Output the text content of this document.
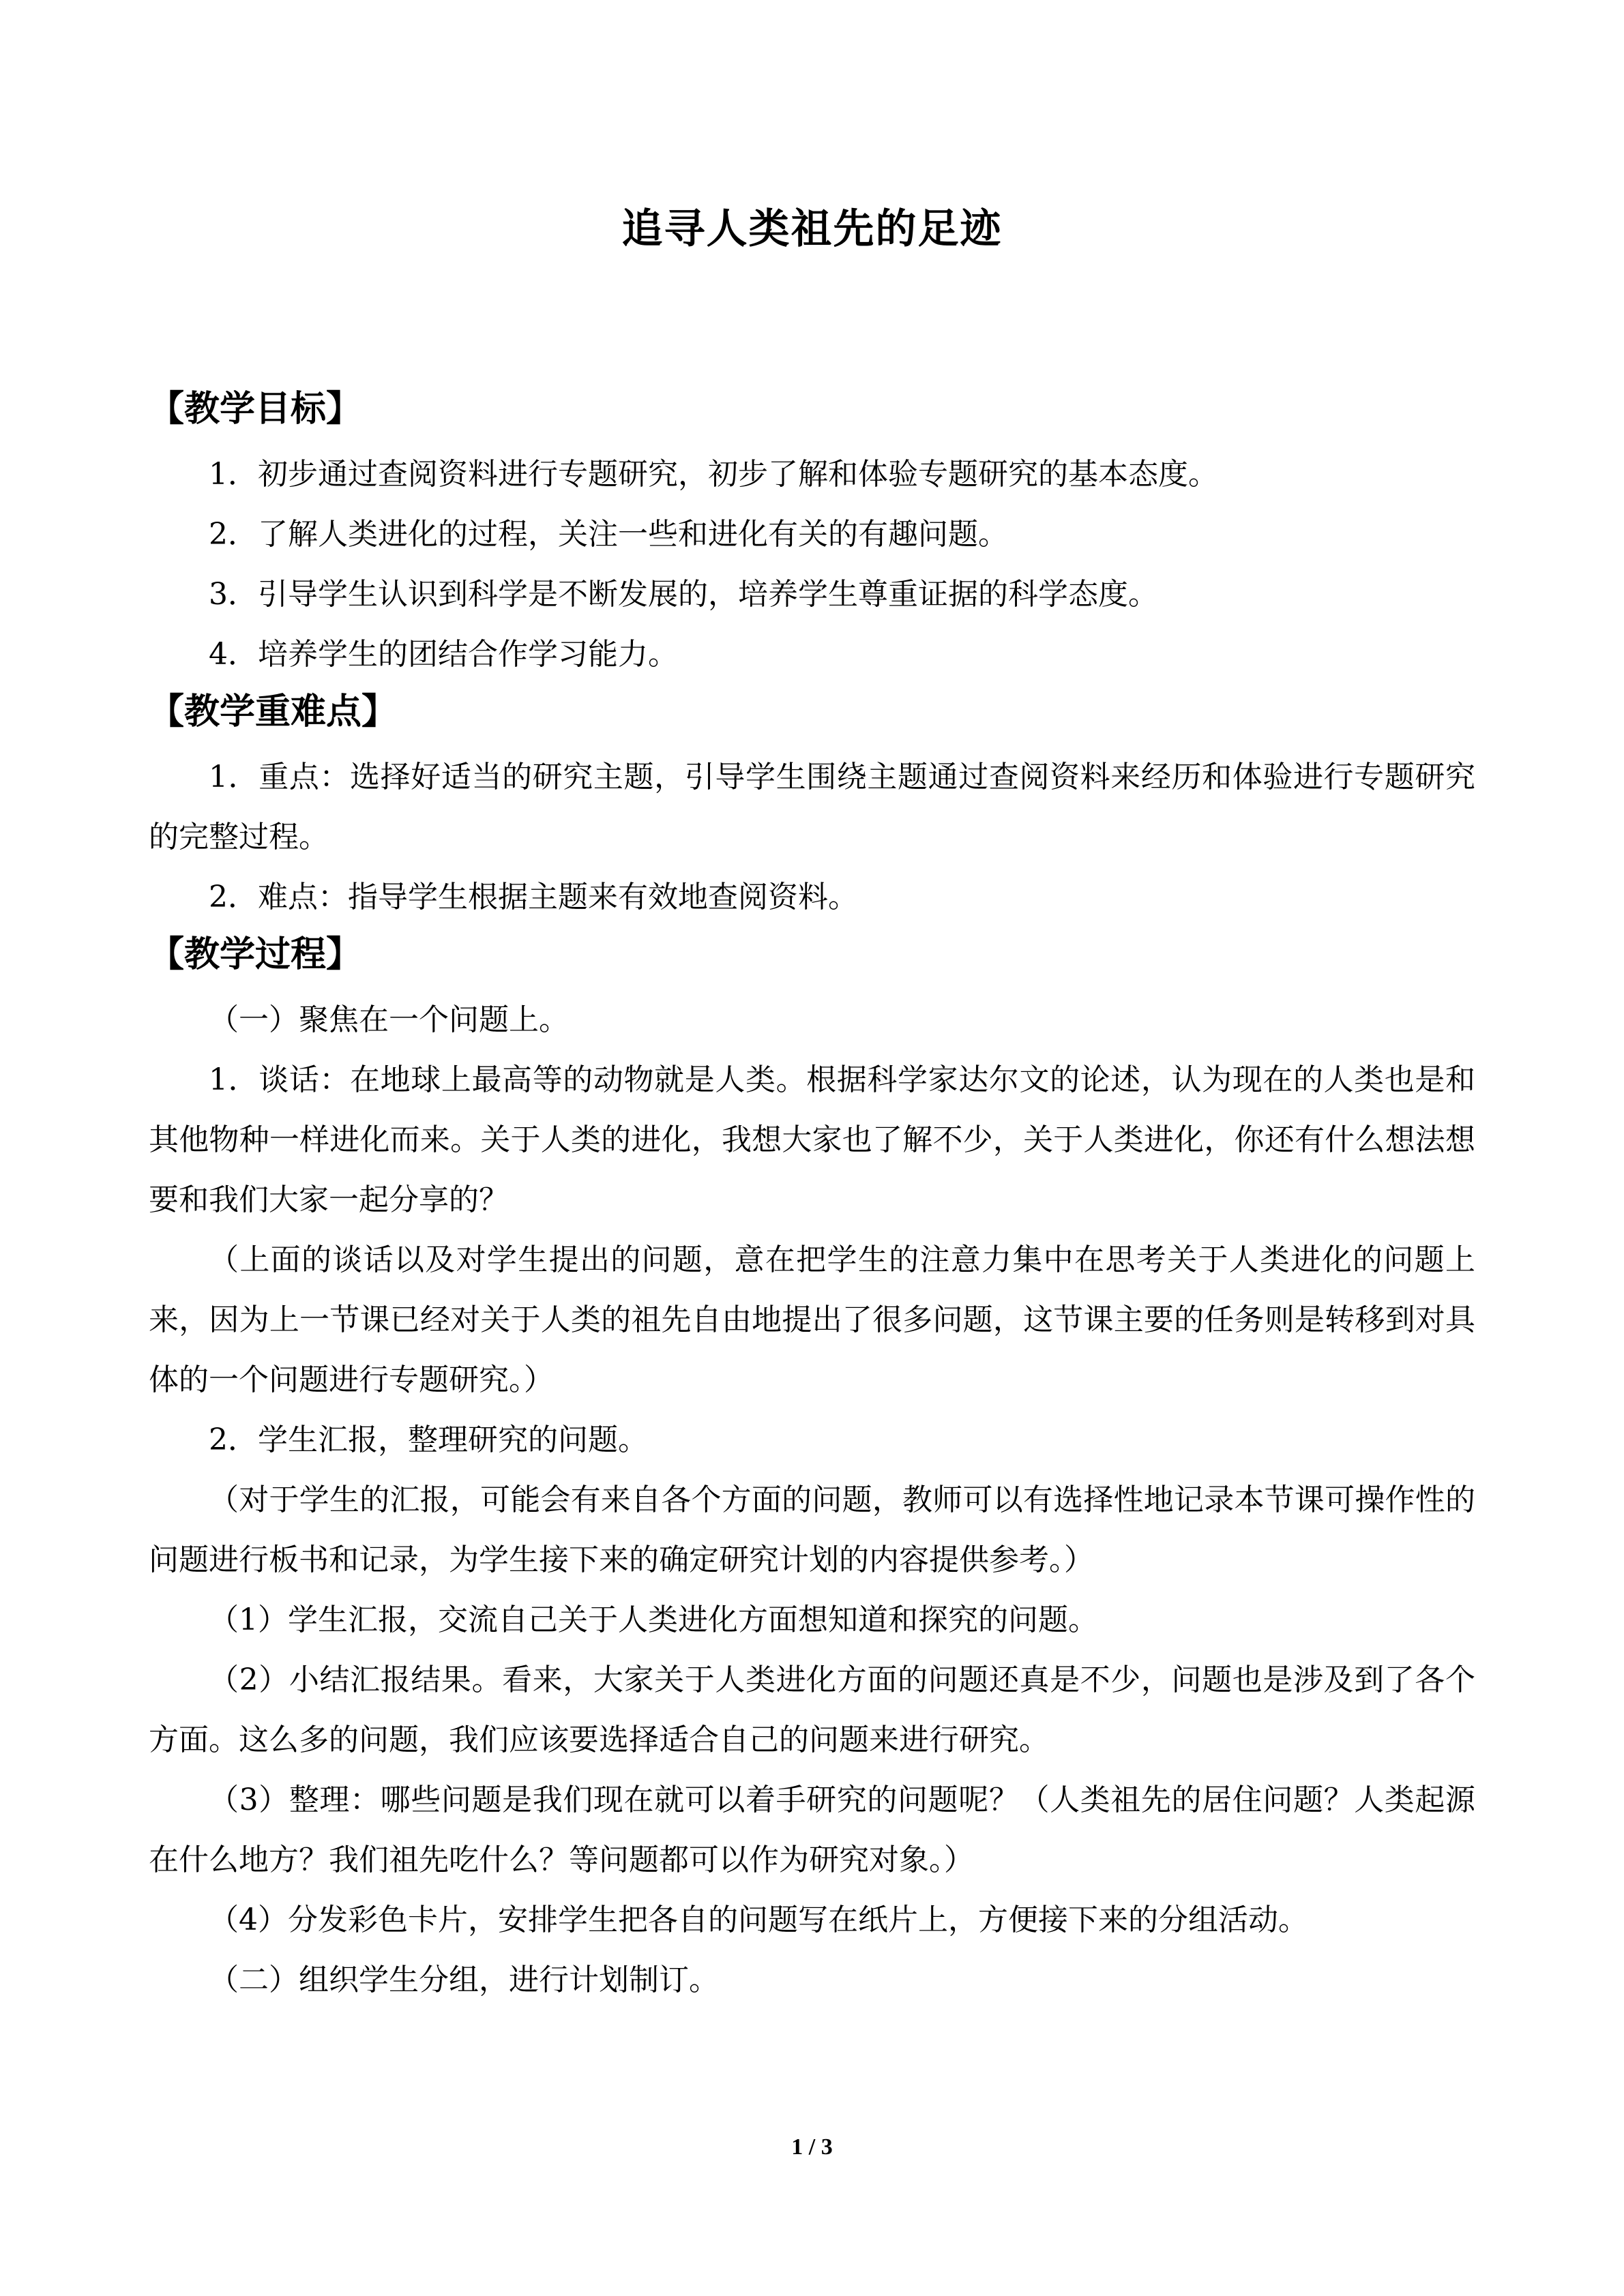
追寻人类祖先的足迹
【教学目标】

1．初步通过查阅资料进行专题研究，初步了解和体验专题研究的基本态度。

2．了解人类进化的过程，关注一些和进化有关的有趣问题。

3．引导学生认识到科学是不断发展的，培养学生尊重证据的科学态度。

4．培养学生的团结合作学习能力。

【教学重难点】

1．重点：选择好适当的研究主题，引导学生围绕主题通过查阅资料来经历和体验进行专题研究的完整过程。

2．难点：指导学生根据主题来有效地查阅资料。

【教学过程】

（一）聚焦在一个问题上。

1．谈话：在地球上最高等的动物就是人类。根据科学家达尔文的论述，认为现在的人类也是和其他物种一样进化而来。关于人类的进化，我想大家也了解不少，关于人类进化，你还有什么想法想要和我们大家一起分享的？

（上面的谈话以及对学生提出的问题，意在把学生的注意力集中在思考关于人类进化的问题上来，因为上一节课已经对关于人类的祖先自由地提出了很多问题，这节课主要的任务则是转移到对具体的一个问题进行专题研究。）

2．学生汇报，整理研究的问题。

（对于学生的汇报，可能会有来自各个方面的问题，教师可以有选择性地记录本节课可操作性的问题进行板书和记录，为学生接下来的确定研究计划的内容提供参考。）

（1）学生汇报，交流自己关于人类进化方面想知道和探究的问题。

（2）小结汇报结果。看来，大家关于人类进化方面的问题还真是不少，问题也是涉及到了各个方面。这么多的问题，我们应该要选择适合自己的问题来进行研究。

（3）整理：哪些问题是我们现在就可以着手研究的问题呢？（人类祖先的居住问题？人类起源在什么地方？我们祖先吃什么？等问题都可以作为研究对象。）

（4）分发彩色卡片，安排学生把各自的问题写在纸片上，方便接下来的分组活动。

（二）组织学生分组，进行计划制订。

1 / 3
